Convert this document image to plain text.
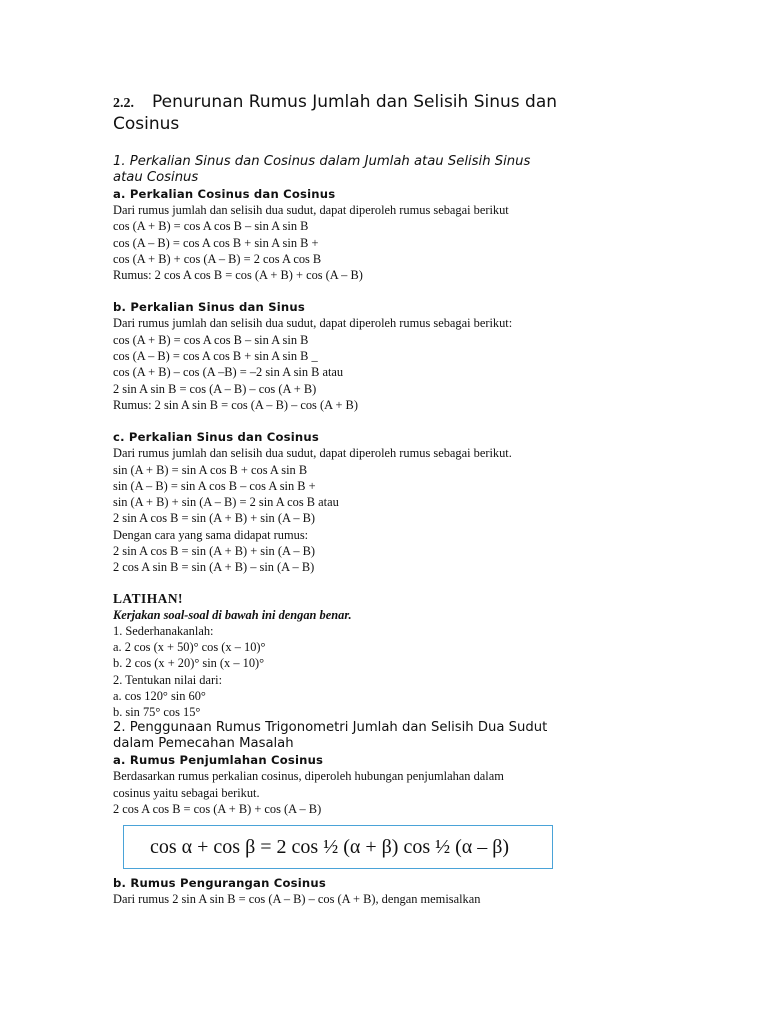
2.2. Penurunan Rumus Jumlah dan Selisih Sinus dan
Cosinus
1. Perkalian Sinus dan Cosinus dalam Jumlah atau Selisih Sinus
atau Cosinus
a. Perkalian Cosinus dan Cosinus
Dari rumus jumlah dan selisih dua sudut, dapat diperoleh rumus sebagai berikut
cos (A + B) = cos A cos B – sin A sin B
cos (A – B) = cos A cos B + sin A sin B +
cos (A + B) + cos (A – B) = 2 cos A cos B
Rumus: 2 cos A cos B = cos (A + B) + cos (A – B)
b. Perkalian Sinus dan Sinus
Dari rumus jumlah dan selisih dua sudut, dapat diperoleh rumus sebagai berikut:
cos (A + B) = cos A cos B – sin A sin B
cos (A – B) = cos A cos B + sin A sin B _
cos (A + B) – cos (A –B) = –2 sin A sin B atau
2 sin A sin B = cos (A – B) – cos (A + B)
Rumus: 2 sin A sin B = cos (A – B) – cos (A + B)
c. Perkalian Sinus dan Cosinus
Dari rumus jumlah dan selisih dua sudut, dapat diperoleh rumus sebagai berikut.
sin (A + B) = sin A cos B + cos A sin B
sin (A – B) = sin A cos B – cos A sin B +
sin (A + B) + sin (A – B) = 2 sin A cos B atau
2 sin A cos B = sin (A + B) + sin (A – B)
Dengan cara yang sama didapat rumus:
2 sin A cos B = sin (A + B) + sin (A – B)
2 cos A sin B = sin (A + B) – sin (A – B)
LATIHAN!
Kerjakan soal-soal di bawah ini dengan benar.
1. Sederhanakanlah:
a. 2 cos (x + 50)° cos (x – 10)°
b. 2 cos (x + 20)° sin (x – 10)°
2. Tentukan nilai dari:
a. cos 120° sin 60°
b. sin 75° cos 15°
2. Penggunaan Rumus Trigonometri Jumlah dan Selisih Dua Sudut
dalam Pemecahan Masalah
a. Rumus Penjumlahan Cosinus
Berdasarkan rumus perkalian cosinus, diperoleh hubungan penjumlahan dalam
cosinus yaitu sebagai berikut.
2 cos A cos B = cos (A + B) + cos (A – B)
cos α + cos β = 2 cos ½ (α + β) cos ½ (α – β)
b. Rumus Pengurangan Cosinus
Dari rumus 2 sin A sin B = cos (A – B) – cos (A + B), dengan memisalkan
